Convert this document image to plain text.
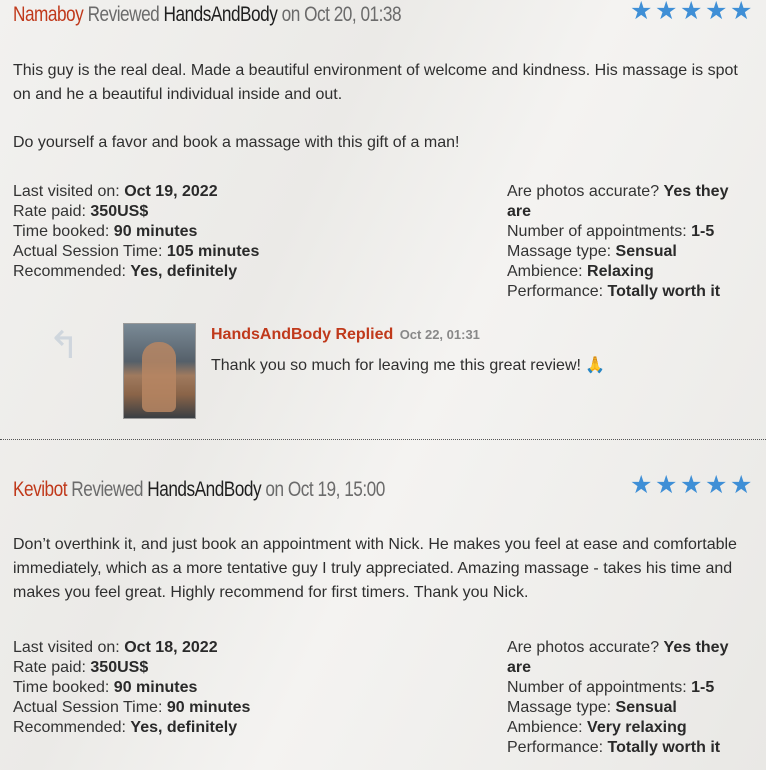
Namaboy Reviewed HandsAndBody on Oct 20, 01:38	★ ★ ★ ★ ★

This guy is the real deal. Made a beautiful environment of welcome and kindness. His massage is spot on and he a beautiful individual inside and out.

Do yourself a favor and book a massage with this gift of a man!

Last visited on: Oct 19, 2022
Rate paid: 350US$
Time booked: 90 minutes
Actual Session Time: 105 minutes
Recommended: Yes, definitely
Are photos accurate? Yes they are
Number of appointments: 1-5
Massage type: Sensual
Ambience: Relaxing
Performance: Totally worth it
↰	HandsAndBody Replied Oct 22, 01:31
Thank you so much for leaving me this great review! 🙏
Kevibot Reviewed HandsAndBody on Oct 19, 15:00	★ ★ ★ ★ ★

Don’t overthink it, and just book an appointment with Nick. He makes you feel at ease and comfortable immediately, which as a more tentative guy I truly appreciated. Amazing massage - takes his time and makes you feel great. Highly recommend for first timers. Thank you Nick.

Last visited on: Oct 18, 2022
Rate paid: 350US$
Time booked: 90 minutes
Actual Session Time: 90 minutes
Recommended: Yes, definitely
Are photos accurate? Yes they are
Number of appointments: 1-5
Massage type: Sensual
Ambience: Very relaxing
Performance: Totally worth it
